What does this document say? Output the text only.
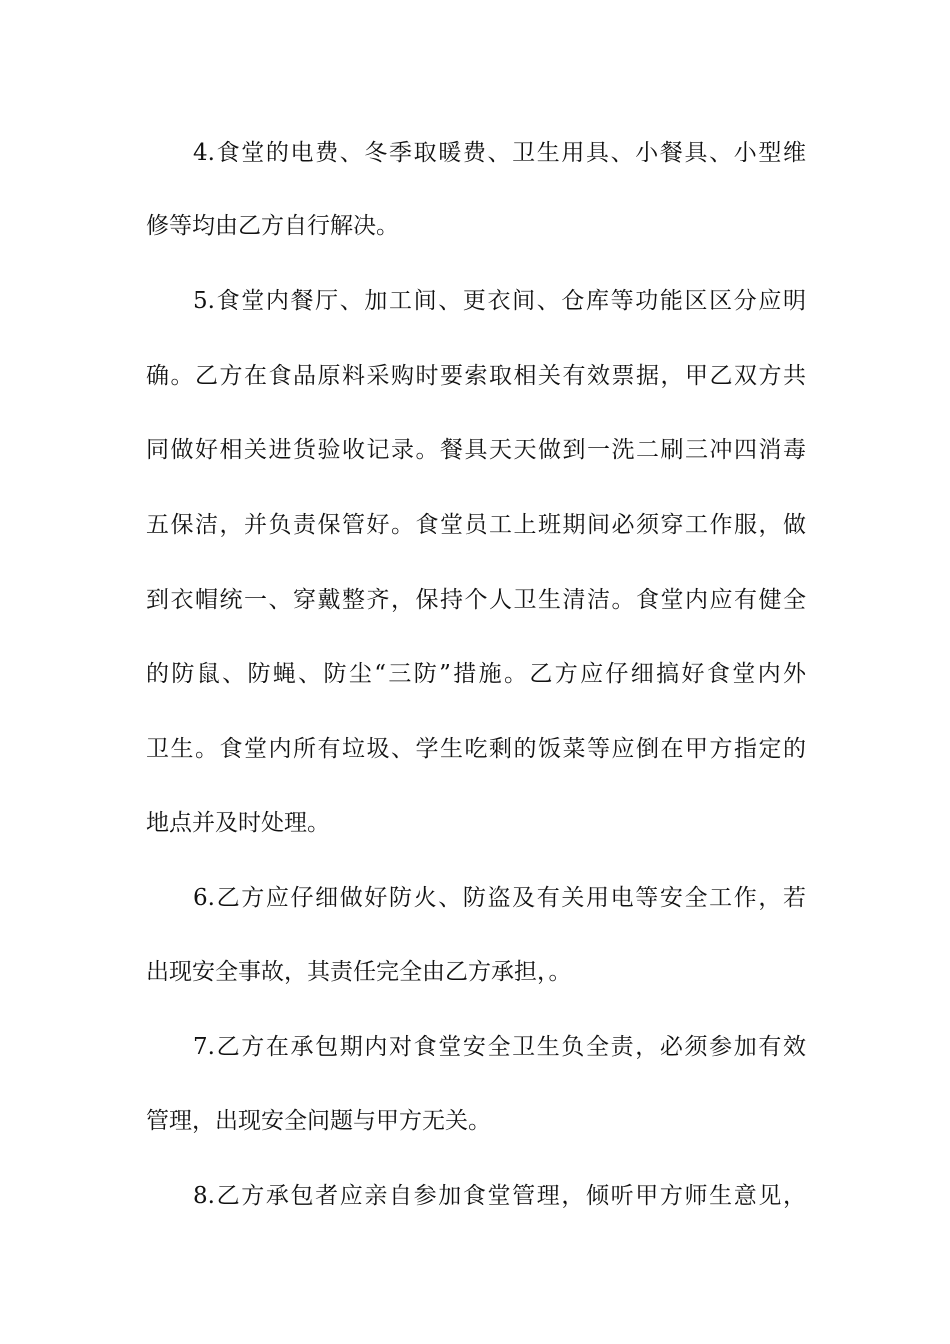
4.食堂的电费、冬季取暖费、卫生用具、小餐具、小型维
修等均由乙方自行解决。
5.食堂内餐厅、加工间、更衣间、仓库等功能区区分应明
确。乙方在食品原料采购时要索取相关有效票据，甲乙双方共
同做好相关进货验收记录。餐具天天做到一洗二刷三冲四消毒
五保洁，并负责保管好。食堂员工上班期间必须穿工作服，做
到衣帽统一、穿戴整齐，保持个人卫生清洁。食堂内应有健全
的防鼠、防蝇、防尘“三防”措施。乙方应仔细搞好食堂内外
卫生。食堂内所有垃圾、学生吃剩的饭菜等应倒在甲方指定的
地点并及时处理。
6.乙方应仔细做好防火、防盗及有关用电等安全工作，若
出现安全事故，其责任完全由乙方承担，。
7.乙方在承包期内对食堂安全卫生负全责，必须参加有效
管理，出现安全问题与甲方无关。
8.乙方承包者应亲自参加食堂管理，倾听甲方师生意见，
